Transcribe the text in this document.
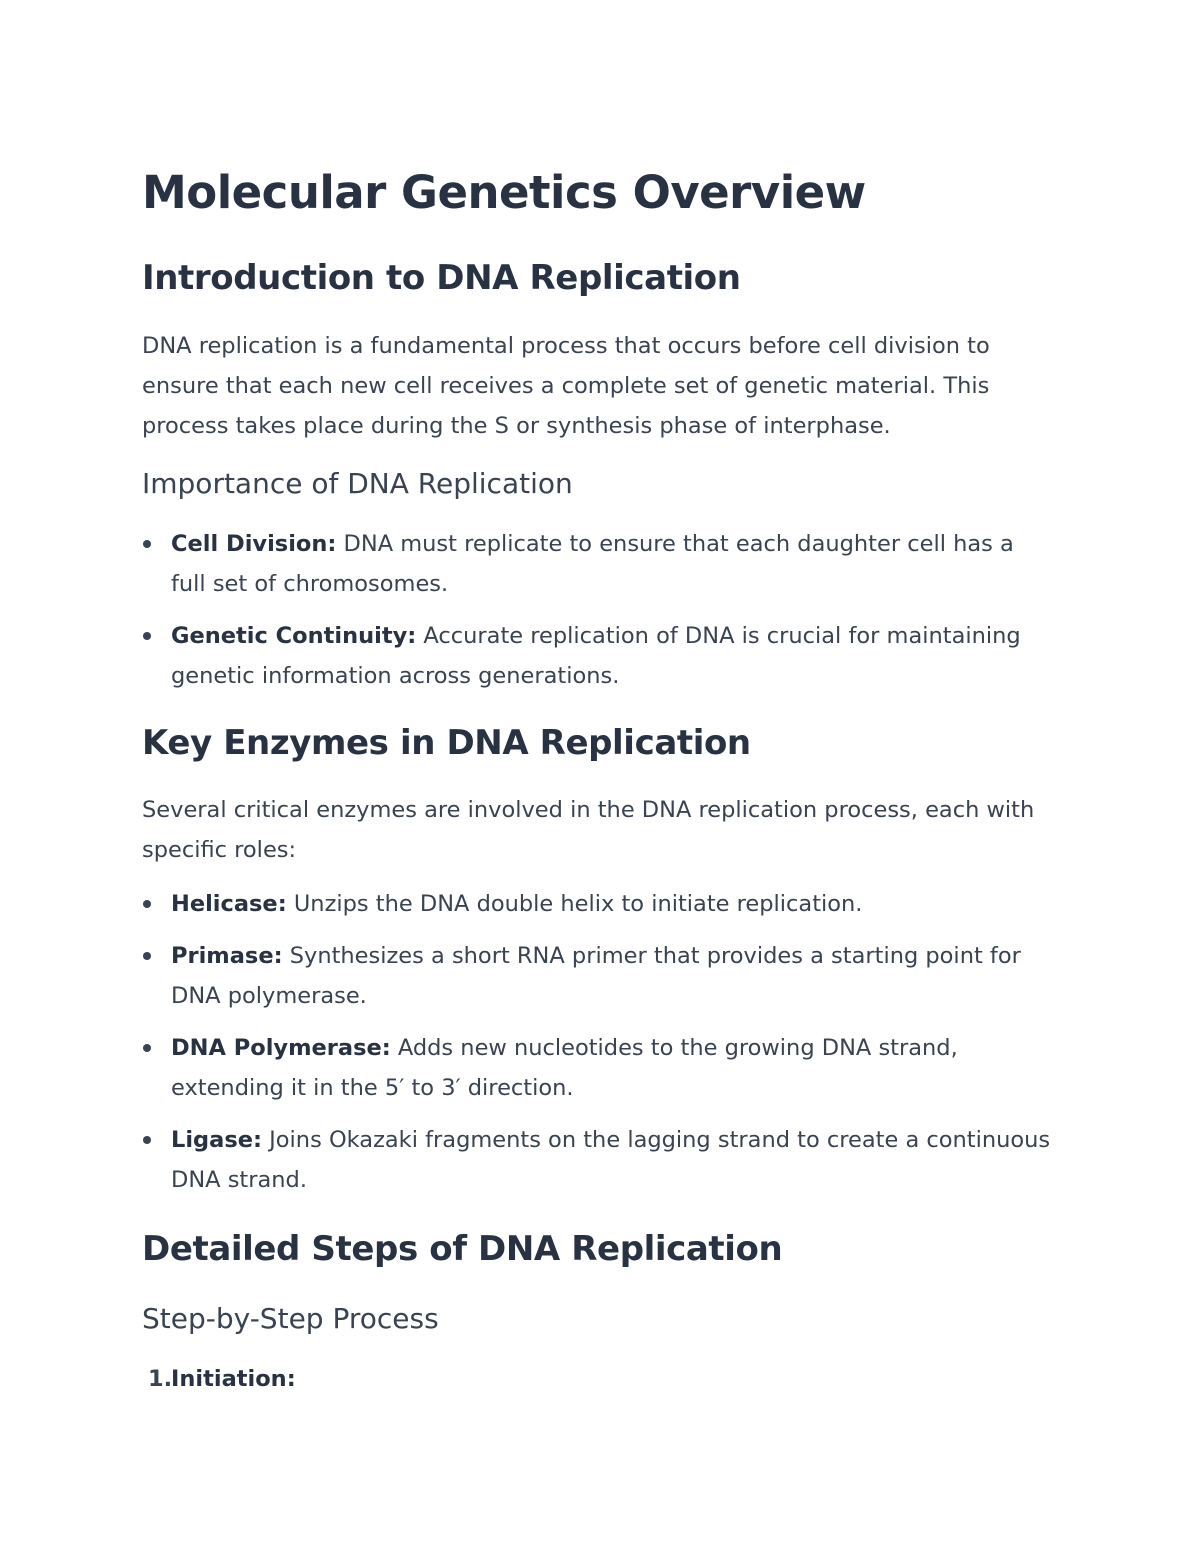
Molecular Genetics Overview
Introduction to DNA Replication

DNA replication is a fundamental process that occurs before cell division to ensure that each new cell receives a complete set of genetic material. This process takes place during the S or synthesis phase of interphase.

Importance of DNA Replication
Cell Division: DNA must replicate to ensure that each daughter cell has a full set of chromosomes.
Genetic Continuity: Accurate replication of DNA is crucial for maintaining genetic information across generations.
Key Enzymes in DNA Replication

Several critical enzymes are involved in the DNA replication process, each with specific roles:

Helicase: Unzips the DNA double helix to initiate replication.
Primase: Synthesizes a short RNA primer that provides a starting point for DNA polymerase.
DNA Polymerase: Adds new nucleotides to the growing DNA strand, extending it in the 5′ to 3′ direction.
Ligase: Joins Okazaki fragments on the lagging strand to create a continuous DNA strand.
Detailed Steps of DNA Replication
Step-by-Step Process
1.
Initiation:
